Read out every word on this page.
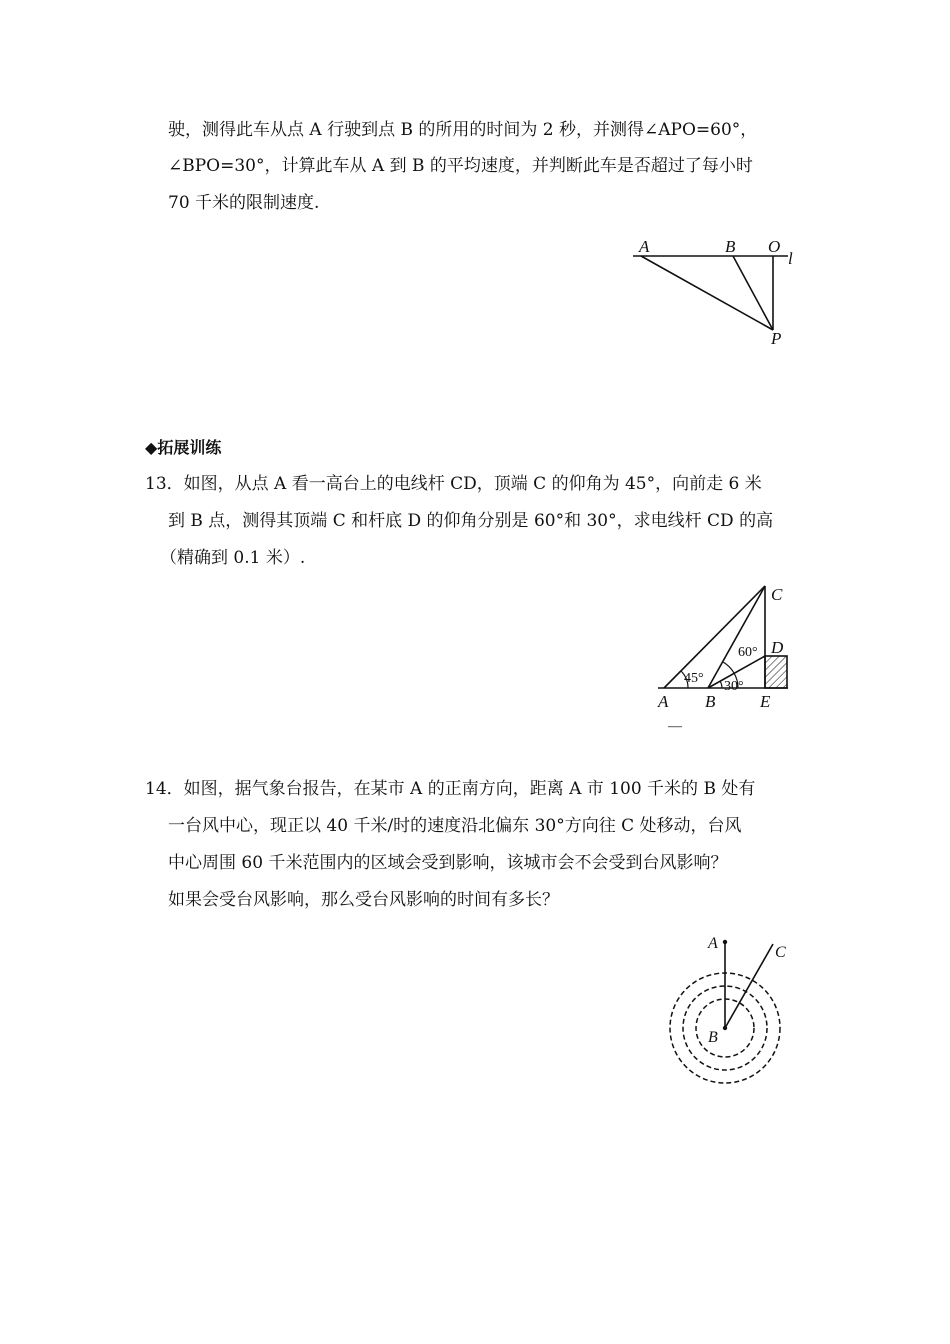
驶，测得此车从点 A 行驶到点 B 的所用的时间为 2 秒，并测得∠APO=60°，
∠BPO=30°，计算此车从 A 到 B 的平均速度，并判断此车是否超过了每小时
70 千米的限制速度.
A	B O
l
P
◆拓展训练
13．如图，从点 A 看一高台上的电线杆 CD，顶端 C 的仰角为 45°，向前走 6 米
到 B 点，测得其顶端 C 和杆底 D 的仰角分别是 60°和 30°，求电线杆 CD 的高
（精确到 0.1 米）.
C
D
A B	E
45°
60°
30°
—
14．如图，据气象台报告，在某市 A 的正南方向，距离 A 市 100 千米的 B 处有
一台风中心，现正以 40 千米/时的速度沿北偏东 30°方向往 C 处移动，台风
中心周围 60 千米范围内的区域会受到影响，该城市会不会受到台风影响？
如果会受台风影响，那么受台风影响的时间有多长？
A
C
B
